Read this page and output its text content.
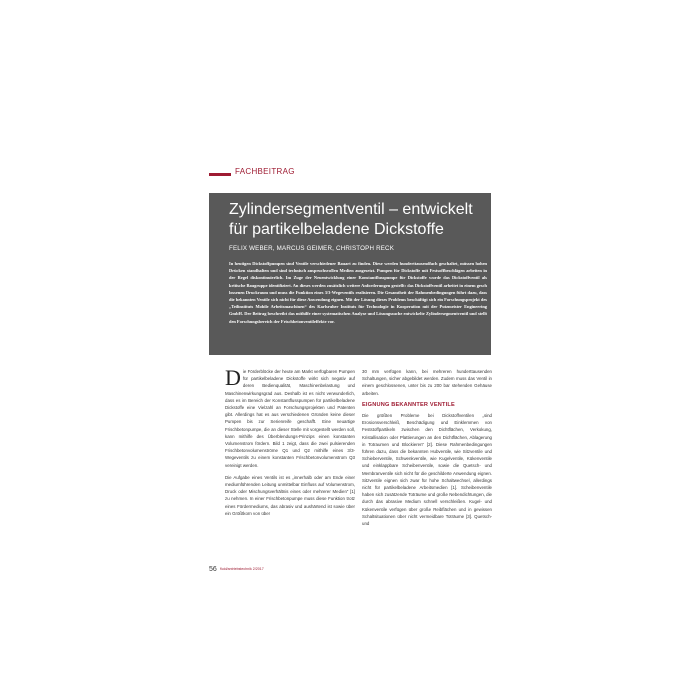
FACHBEITRAG
Zylindersegmentventil – entwickelt für partikelbeladene Dickstoffe
FELIX WEBER, MARCUS GEIMER, CHRISTOPH RECK
In heutigen Dickstoffpumpen sind Ventile verschiedener Bauart zu finden. Diese werden hunderttausendfach geschaltet, müssen hohen Drücken standhalten und sind technisch anspruchsvollen Medien ausgesetzt. Pumpen für Dickstoffe mit Festsoffbeschlägen arbeiten in der Regel diskontinuierlich. Im Zuge der Neuentwicklung einer Konstantflusspumpe für Dickstoffe wurde das Dickstoffventil als kritische Baugruppe identifiziert. An dieses werden zusätzlich weitere Anforderungen gestellt: das Dickstoffventil arbeitet in einem gesch lossenen Druckraum und muss die Funktion eines 3/3-Wegeventils realisieren. Die Gesamtheit der Rahmenbedingungen führt dazu, dass die bekannten Ventile sich nicht für diese Anwendung eignen. Mit der Lösung dieses Problems beschäftigt sich ein Forschungsprojekt des „Teilinstituts Mobile Arbeitsmaschinen“ des Karlsruher Instituts für Technologie in Kooperation mit der Putzmeister Engineering GmbH. Der Beitrag beschreibt das mithilfe einer systematischen Analyse und Lösungssuche entwickelte Zylindersegmentventil und stellt den Forschungsbereich der Frischbetonventileffekte vor.

Die Förderblöcke der heute am Markt verfügbaren Pumpen für partikelbeladene Dickstoffe wirkt sich negativ auf deren Bedienqualität, Maschinenbelastung und Maschinenwirkungsgrad aus. Deshalb ist es nicht verwunderlich, dass es im Bereich der Konstantflusspumpen für partikelbeladene Dickstoffe eine Vielzahl an Forschungsprojekten und Patenten gibt. Allerdings hat es aus verschiedenen Gründen keine dieser Pumpen bis zur Serienreife geschafft. Eine neuartige Frischbetonpumpe, die an dieser Stelle mit vorgestellt werden soll, kann mithilfe des Überblendungs-Prinzips einen konstanten Volumenstrom fördern. Bild 1 zeigt, dass die zwei pulsierenden Frischbetonvolumenströme Q1 und Q2 mithilfe eines 3/3-Wegeventils zu einem konstanten Frischbetonvolumenstrom Q3 vereinigt werden.

Die Aufgabe eines Ventils ist es „innerhalb oder am Ende einer mediumführenden Leitung unmittelbar Einfluss auf Volumenstrom, Druck oder Mischungsverhältnis eines oder mehrerer Medien“ [1] zu nehmen. In einer Frischbetonpumpe muss diese Funktion trotz eines Fördermediums, das abrasiv und aushärtend ist sowie über ein Größtkorn von über

30 mm verfügen kann, bei mehreren hunderttausenden Schaltungen, sicher abgebildet werden. Zudem muss das Ventil in einem geschlossenen, unter bis zu 200 bar stehenden Gehäuse arbeiten.

EIGNUNG BEKANNTER VENTILE

Die größten Probleme bei Dickstoffventilen „sind Erosionsverschleiß, Beschädigung und Einklemmen von Feststoffpartikeln zwischen den Dichtflächen, Verkokung, Kristallisation oder Plattierungen an den Dichtflächen, Ablagerung in Totraumen und Blockieren“ [2]. Diese Rahmenbedingungen führen dazu, dass die bekannten Hubventile, wie Sitzventile und Schieberventile, Schwenkventile, wie Kugelventile, Kükenventile und einklappbare Scheibenventile, sowie die Quetsch- und Membranventile sich nicht für die geschilderte Anwendung eignen. Sitzventile eignen sich zwar für hohe Schaltwechsel, allerdings nicht für partikelbeladene Arbeitsmedien [1]. Scheibenventile haben sich zusätzende Toträume und große Nebendichtungen, die durch das abrasive Medium schnell verschleißen. Kugel- und Kükenventile verfügen über große Reibflächen und in gewissen Schaltsituationen über nicht vermeidbare Toträume [3]. Quetsch- und

56 fluid/antriebstechnik 2/2017
